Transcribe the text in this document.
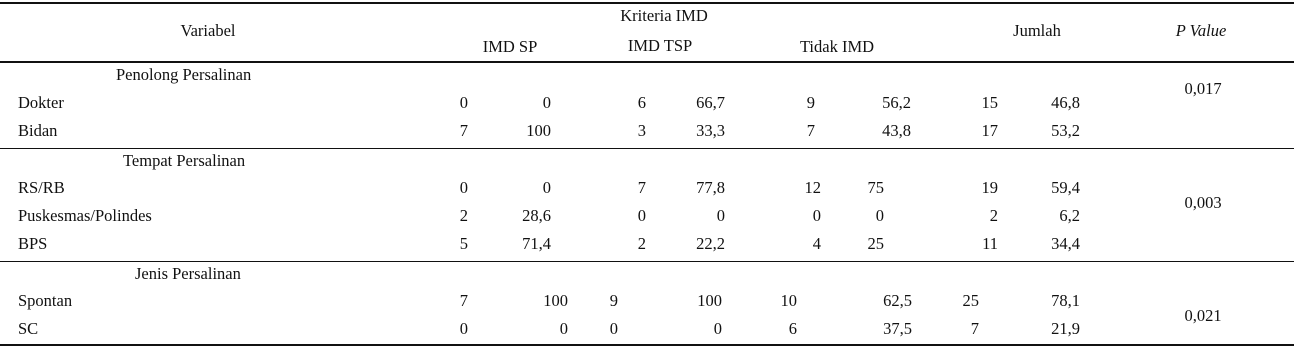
Variabel
Kriteria IMD
IMD SP	IMD TSP	Tidak IMD
Jumlah	P Value
Penolong Persalinan
0,017
Dokter	0	0	6	66,7	9	56,2	15	46,8
Bidan	7	100	3	33,3	7	43,8	17	53,2
Tempat Persalinan
0,003
RS/RB	0	0	7	77,8	12	75	19	59,4
Puskesmas/Polindes	2	28,6	0	0	0	0	2	6,2
BPS	5	71,4	2	22,2	4	25	11	34,4
Jenis Persalinan
0,021
Spontan	7	100	9	100	10	62,5	25	78,1
SC	0	0	0	0	6	37,5	7	21,9
